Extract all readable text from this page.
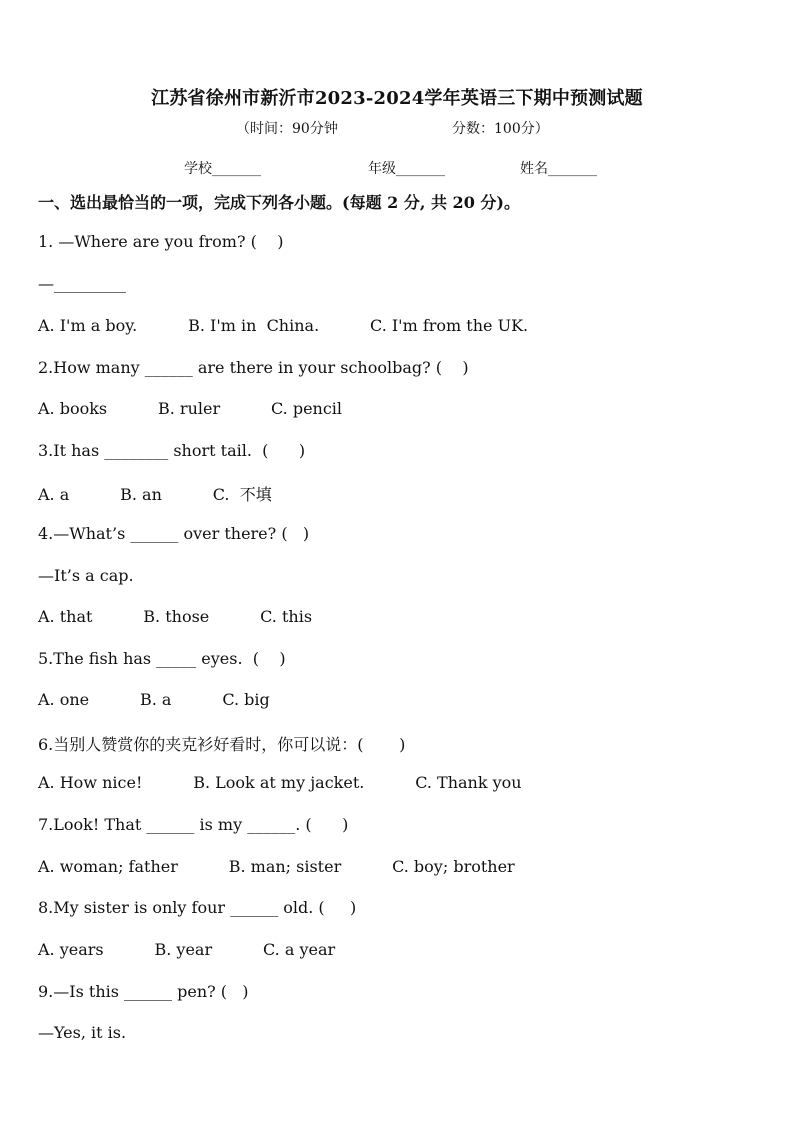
江苏省徐州市新沂市2023-2024学年英语三下期中预测试题
（时间：90分钟	分数：100分）
学校_______	年级_______	姓名_______
一、选出最恰当的一项，完成下列各小题。(每题 2 分, 共 20 分)。
1. —Where are you from? (    )
—_________
A. I'm a boy.          B. I'm in  China.          C. I'm from the UK.
2.How many ______ are there in your schoolbag? (    )
A. books          B. ruler          C. pencil
3.It has ________ short tail.  (      )
A. a          B. an          C.  不填
4.—What’s ______ over there? (   )
—It’s a cap.
A. that          B. those          C. this
5.The fish has _____ eyes.  (    )
A. one          B. a          C. big
6.当别人赞赏你的夹克衫好看时，你可以说：(       )
A. How nice!          B. Look at my jacket.          C. Thank you
7.Look! That ______ is my ______. (      )
A. woman; father          B. man; sister          C. boy; brother
8.My sister is only four ______ old. (     )
A. years          B. year          C. a year
9.—Is this ______ pen? (   )
—Yes, it is.
